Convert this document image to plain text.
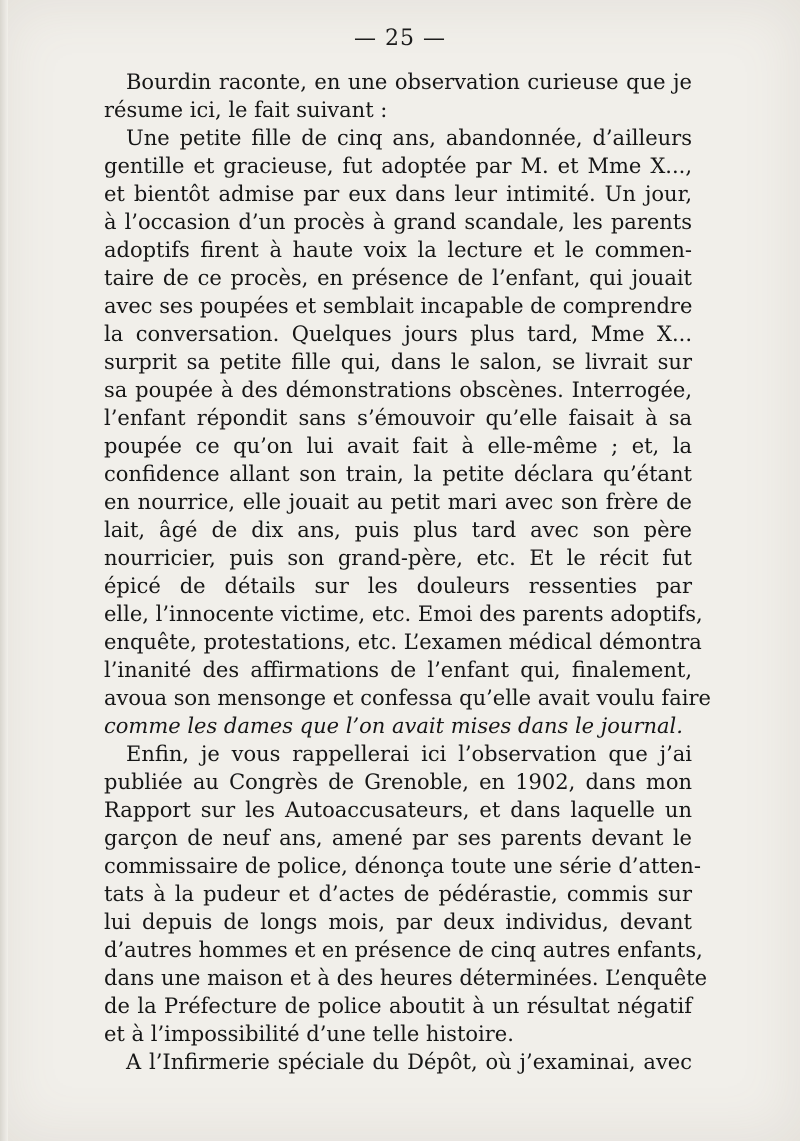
— 25 —
Bourdin raconte, en une observation curieuse que je
résume ici, le fait suivant :
Une petite fille de cinq ans, abandonnée, d’ailleurs
gentille et gracieuse, fut adoptée par M. et Mme X...,
et bientôt admise par eux dans leur intimité. Un jour,
à l’occasion d’un procès à grand scandale, les parents
adoptifs firent à haute voix la lecture et le commen-
taire de ce procès, en présence de l’enfant, qui jouait
avec ses poupées et semblait incapable de comprendre
la conversation. Quelques jours plus tard, Mme X...
surprit sa petite fille qui, dans le salon, se livrait sur
sa poupée à des démonstrations obscènes. Interrogée,
l’enfant répondit sans s’émouvoir qu’elle faisait à sa
poupée ce qu’on lui avait fait à elle-même ; et, la
confidence allant son train, la petite déclara qu’étant
en nourrice, elle jouait au petit mari avec son frère de
lait, âgé de dix ans, puis plus tard avec son père
nourricier, puis son grand-père, etc. Et le récit fut
épicé de détails sur les douleurs ressenties par
elle, l’innocente victime, etc. Emoi des parents adoptifs,
enquête, protestations, etc. L’examen médical démontra
l’inanité des affirmations de l’enfant qui, finalement,
avoua son mensonge et confessa qu’elle avait voulu faire
comme les dames que l’on avait mises dans le journal.
Enfin, je vous rappellerai ici l’observation que j’ai
publiée au Congrès de Grenoble, en 1902, dans mon
Rapport sur les Autoaccusateurs, et dans laquelle un
garçon de neuf ans, amené par ses parents devant le
commissaire de police, dénonça toute une série d’atten-
tats à la pudeur et d’actes de pédérastie, commis sur
lui depuis de longs mois, par deux individus, devant
d’autres hommes et en présence de cinq autres enfants,
dans une maison et à des heures déterminées. L’enquête
de la Préfecture de police aboutit à un résultat négatif
et à l’impossibilité d’une telle histoire.
A l’Infirmerie spéciale du Dépôt, où j’examinai, avec
